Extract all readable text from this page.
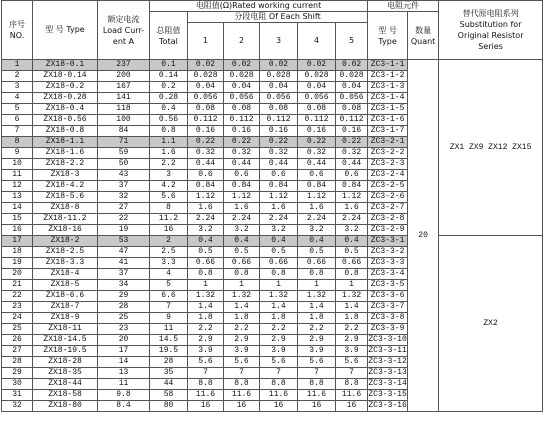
序号
NO.	型 号 Type	额定电流
Load Curr-
ent A	电阻值(Ω)Rated working current						电阻元件		替代原电阻系列
Substitution for
Original Resistor
Series
			总阻值
Total	分段电阻 Of Each Shift					型 号
Type	数量
Quant	
				1	2	3	4	5			
1	ZX18-0.1	237	0.1	0.02	0.02	0.02	0.02	0.02	ZC3-1-1	20	ZX1 ZX9 ZX12 ZX15
2	ZX18-0.14	200	0.14	0.028	0.028	0.028	0.028	0.028	ZC3-1-2		
3	ZX18-0.2	167	0.2	0.04	0.04	0.04	0.04	0.04	ZC3-1-3		
4	ZX18-0.28	141	0.28	0.056	0.056	0.056	0.056	0.056	ZC3-1-4		
5	ZX18-0.4	118	0.4	0.08	0.08	0.08	0.08	0.08	ZC3-1-5		
6	ZX18-0.56	100	0.56	0.112	0.112	0.112	0.112	0.112	ZC3-1-6		
7	ZX18-0.8	84	0.8	0.16	0.16	0.16	0.16	0.16	ZC3-1-7		
8	ZX18-1.1	71	1.1	0.22	0.22	0.22	0.22	0.22	ZC3-2-1		
9	ZX18-1.6	59	1.6	0.32	0.32	0.32	0.32	0.32	ZC3-2-2		
10	ZX18-2.2	50	2.2	0.44	0.44	0.44	0.44	0.44	ZC3-2-3		
11	ZX18-3	43	3	0.6	0.6	0.6	0.6	0.6	ZC3-2-4		
12	ZX18-4.2	37	4.2	0.84	0.84	0.84	0.84	0.84	ZC3-2-5		
13	ZX18-5.6	32	5.6	1.12	1.12	1.12	1.12	1.12	ZC3-2-6		
14	ZX18-8	27	8	1.6	1.6	1.6	1.6	1.6	ZC3-2-7		
15	ZX18-11.2	22	11.2	2.24	2.24	2.24	2.24	2.24	ZC3-2-8		
16	ZX18-16	19	16	3.2	3.2	3.2	3.2	3.2	ZC3-2-9		
17	ZX18-2	53	2	0.4	0.4	0.4	0.4	0.4	ZC3-3-1		ZX2
18	ZX18-2.5	47	2.5	0.5	0.5	0.5	0.5	0.5	ZC3-3-2		
19	ZX18-3.3	41	3.3	0.66	0.66	0.66	0.66	0.66	ZC3-3-3		
20	ZX18-4	37	4	0.8	0.8	0.8	0.8	0.8	ZC3-3-4		
21	ZX18-5	34	5	1	1	1	1	1	ZC3-3-5		
22	ZX18-6.6	29	6.6	1.32	1.32	1.32	1.32	1.32	ZC3-3-6		
23	ZX18-7	28	7	1.4	1.4	1.4	1.4	1.4	ZC3-3-7		
24	ZX18-9	25	9	1.8	1.8	1.8	1.8	1.8	ZC3-3-8		
25	ZX18-11	23	11	2.2	2.2	2.2	2.2	2.2	ZC3-3-9		
26	ZX18-14.5	20	14.5	2.9	2.9	2.9	2.9	2.9	ZC3-3-10		
27	ZX18-19.5	17	19.5	3.9	3.9	3.9	3.9	3.9	ZC3-3-11		
28	ZX18-28	14	28	5.6	5.6	5.6	5.6	5.6	ZC3-3-12		
29	ZX18-35	13	35	7	7	7	7	7	ZC3-3-13		
30	ZX18-44	11	44	8.8	8.8	8.8	8.8	8.8	ZC3-3-14		
31	ZX18-58	9.8	58	11.6	11.6	11.6	11.6	11.6	ZC3-3-15		
32	ZX18-80	8.4	80	16	16	16	16	16	ZC3-3-16		
